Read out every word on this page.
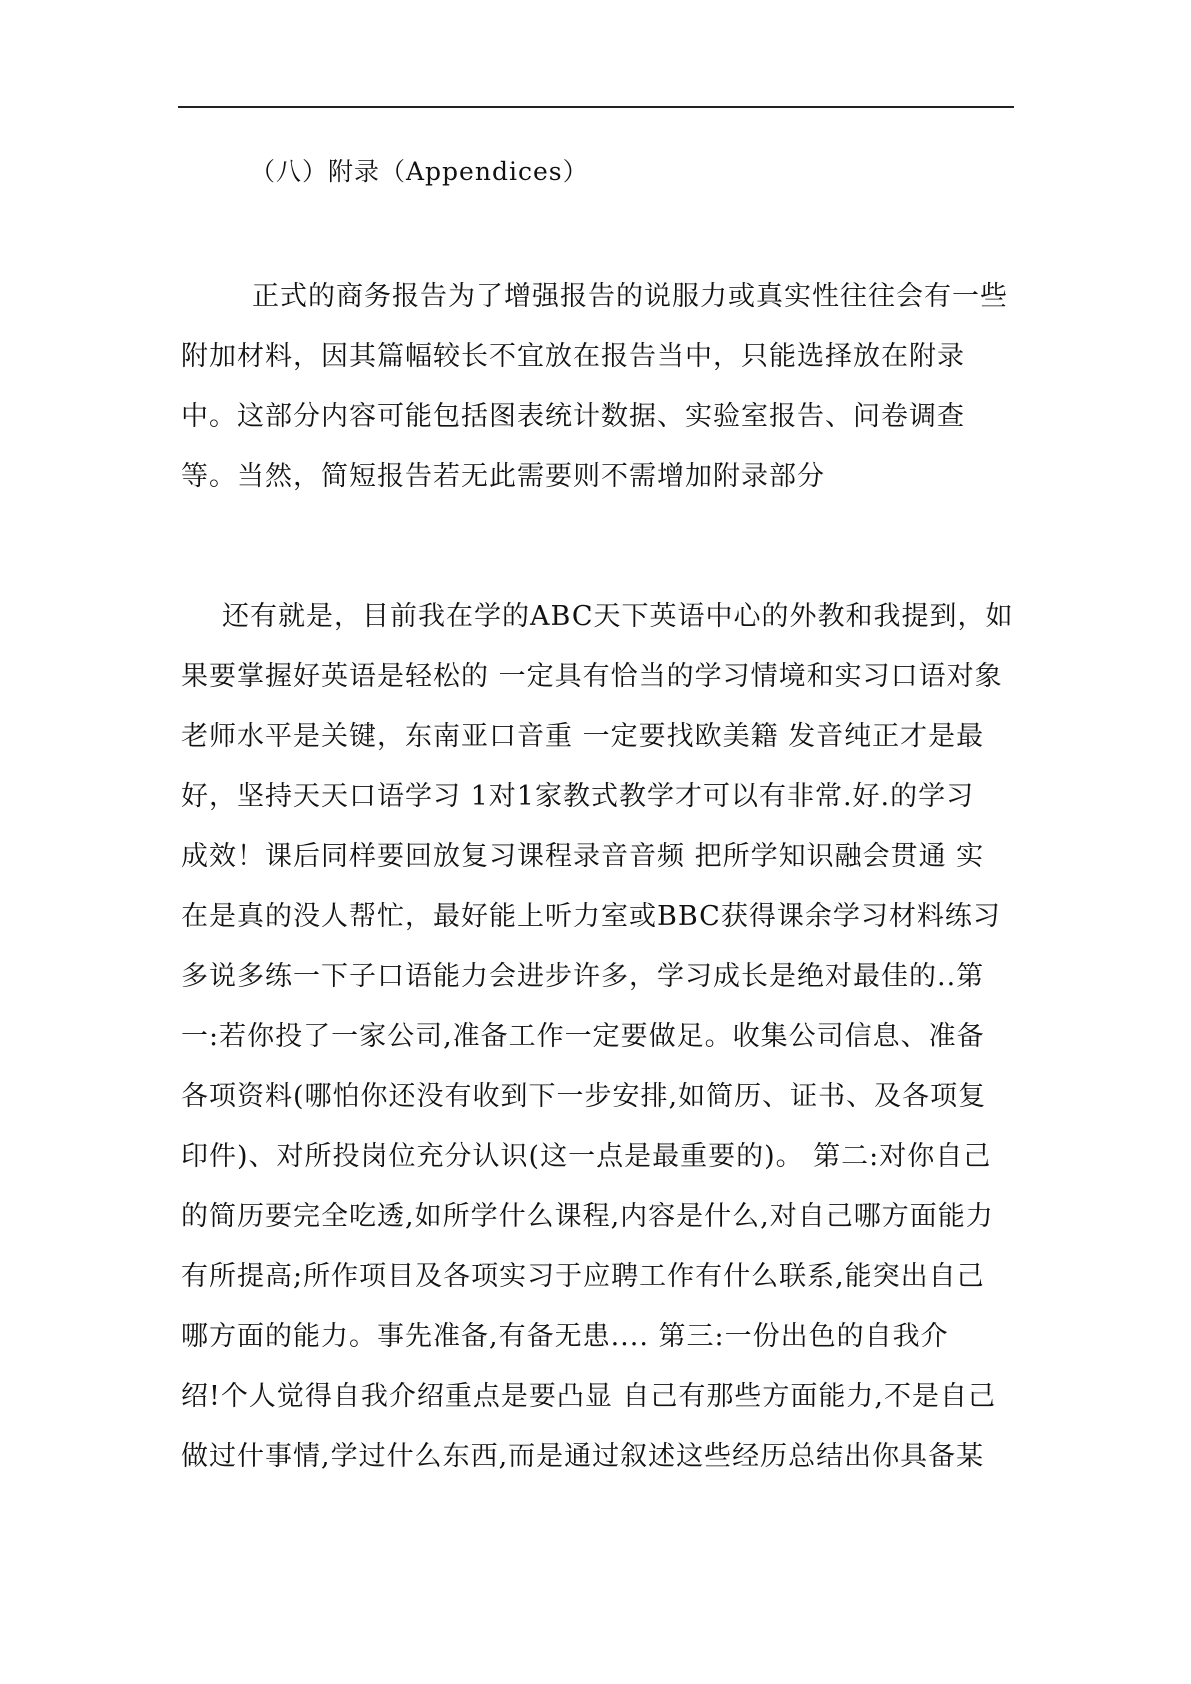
（八）附录（Appendices）
正式的商务报告为了增强报告的说服力或真实性往往会有一些
附加材料，因其篇幅较长不宜放在报告当中，只能选择放在附录
中。这部分内容可能包括图表统计数据、实验室报告、问卷调查
等。当然，简短报告若无此需要则不需增加附录部分
还有就是，目前我在学的ABC天下英语中心的外教和我提到，如
果要掌握好英语是轻松的 一定具有恰当的学习情境和实习口语对象
老师水平是关键，东南亚口音重 一定要找欧美籍 发音纯正才是最
好，坚持天天口语学习 1对1家教式教学才可以有非常.好.的学习
成效！课后同样要回放复习课程录音音频 把所学知识融会贯通 实
在是真的没人帮忙，最好能上听力室或BBC获得课余学习材料练习
多说多练一下子口语能力会进步许多，学习成长是绝对最佳的..第
一:若你投了一家公司,准备工作一定要做足。收集公司信息、准备
各项资料(哪怕你还没有收到下一步安排,如简历、证书、及各项复
印件)、对所投岗位充分认识(这一点是最重要的)。 第二:对你自己
的简历要完全吃透,如所学什么课程,内容是什么,对自己哪方面能力
有所提高;所作项目及各项实习于应聘工作有什么联系,能突出自己
哪方面的能力。事先准备,有备无患.... 第三:一份出色的自我介
绍!个人觉得自我介绍重点是要凸显 自己有那些方面能力,不是自己
做过什事情,学过什么东西,而是通过叙述这些经历总结出你具备某
